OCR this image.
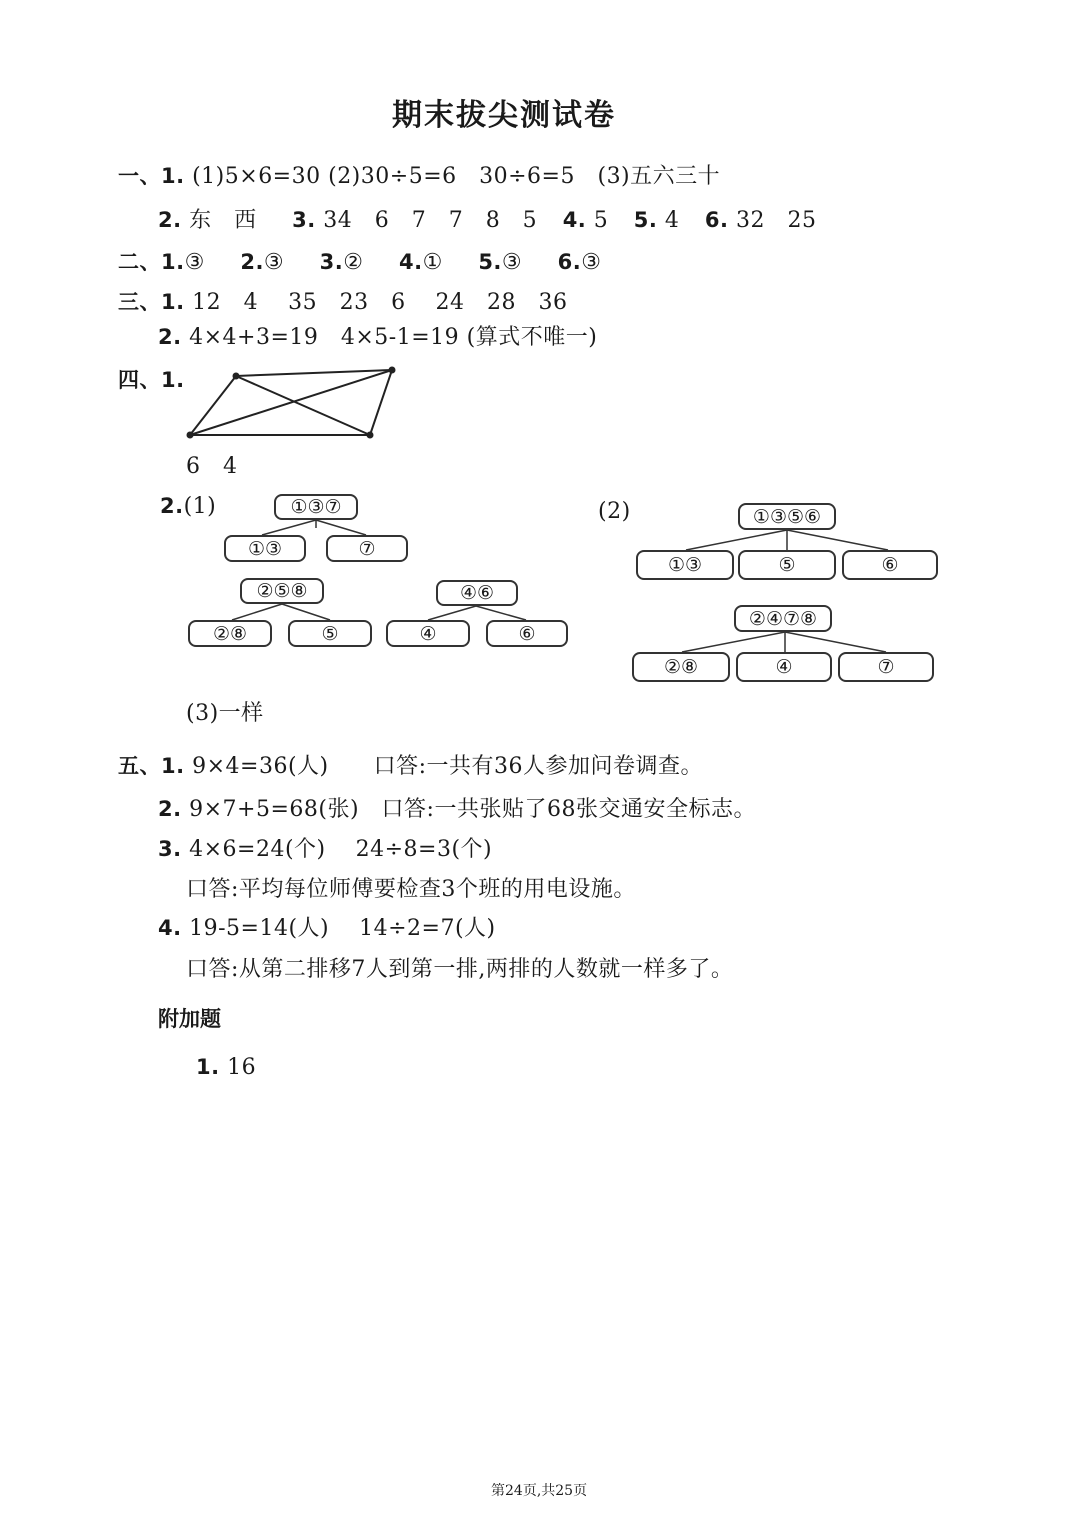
期末拔尖测试卷
一、1. (1)5×6=30 (2)30÷5=6　30÷6=5　(3)五六三十
2. 东　西 3. 34　6　7　7　8　5 4. 5 5. 4 6. 32　25
二、1.③ 2.③ 3.② 4.① 5.③ 6.③
三、1. 12　4　 35　23　6　 24　28　36
2. 4×4+3=19　4×5-1=19 (算式不唯一)
四、1.
6　4
2.(1)	①③⑦
①③	⑦
②⑤⑧
②⑧	⑤
④⑥
④	⑥
(2)	①③⑤⑥
①③	⑤	⑥
②④⑦⑧
②⑧	④	⑦
(3)一样
五、1. 9×4=36(人)　　口答:一共有36人参加问卷调查。
2. 9×7+5=68(张)　口答:一共张贴了68张交通安全标志。
3. 4×6=24(个)　 24÷8=3(个)
口答:平均每位师傅要检查3个班的用电设施。
4. 19-5=14(人)　 14÷2=7(人)
口答:从第二排移7人到第一排,两排的人数就一样多了。
附加题
1. 16
第24页,共25页
